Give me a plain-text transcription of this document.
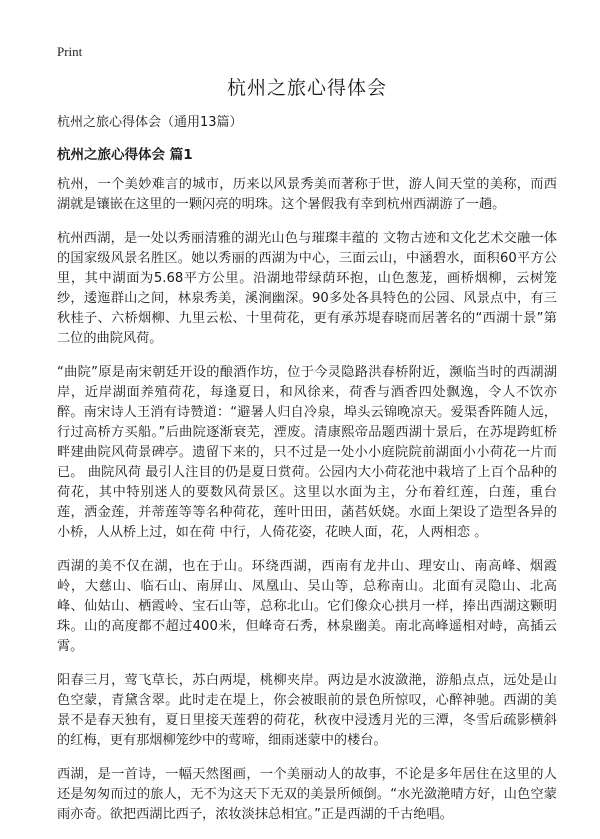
Print
杭州之旅心得体会
杭州之旅心得体会（通用13篇）
杭州之旅心得体会 篇1

杭州，一个美妙难言的城市，历来以风景秀美而著称于世，游人间天堂的美称，而西湖就是镶嵌在这里的一颗闪亮的明珠。这个暑假我有幸到杭州西湖游了一趟。

杭州西湖，是一处以秀丽清雅的湖光山色与璀璨丰蕴的 文物古迹和文化艺术交融一体的国家级风景名胜区。她以秀丽的西湖为中心，三面云山，中涵碧水，面积60平方公里，其中湖面为5.68平方公里。沿湖地带绿荫环抱，山色葱茏，画桥烟柳，云树笼纱，逶迤群山之间，林泉秀美，溪涧幽深。90多处各具特色的公园、风景点中，有三秋桂子、六桥烟柳、九里云松、十里荷花，更有承苏堤春晓而居著名的“西湖十景”第二位的曲院风荷。

“曲院”原是南宋朝廷开设的酿酒作坊，位于今灵隐路洪春桥附近，濒临当时的西湖湖岸，近岸湖面养殖荷花，每逢夏日，和风徐来，荷香与酒香四处飘逸，令人不饮亦醉。南宋诗人王消有诗赞道：“避暑人归自冷泉，埠头云锦晚凉天。爱渠香阵随人远，行过高桥方买船。”后曲院逐渐衰芜，湮废。清康熙帝品题西湖十景后，在苏堤跨虹桥畔建曲院风荷景碑亭。遗留下来的，只不过是一处小小庭院院前湖面小小荷花一片而已。 曲院风荷 最引人注目的仍是夏日赏荷。公园内大小荷花池中栽培了上百个品种的荷花，其中特别迷人的要数风荷景区。这里以水面为主，分布着红莲，白莲，重台莲，洒金莲，并蒂莲等等名种荷花，莲叶田田，菡萏妖娆。水面上架设了造型各异的小桥，人从桥上过，如在荷 中行，人倚花姿，花映人面，花，人两相恋 。

西湖的美不仅在湖，也在于山。环绕西湖，西南有龙井山、理安山、南高峰、烟霞岭，大慈山、临石山、南屏山、凤凰山、吴山等，总称南山。北面有灵隐山、北高峰、仙姑山、栖霞岭、宝石山等，总称北山。它们像众心拱月一样，捧出西湖这颗明珠。山的高度都不超过400米，但峰奇石秀，林泉幽美。南北高峰遥相对峙，高插云霄。

阳春三月，莺飞草长，苏白两堤，桃柳夹岸。两边是水波潋滟，游船点点，远处是山色空蒙，青黛含翠。此时走在堤上，你会被眼前的景色所惊叹，心醉神驰。西湖的美景不是春天独有，夏日里接天莲碧的荷花，秋夜中浸透月光的三潭，冬雪后疏影横斜的红梅，更有那烟柳笼纱中的莺啼，细雨迷蒙中的楼台。

西湖，是一首诗，一幅天然图画，一个美丽动人的故事，不论是多年居住在这里的人还是匆匆而过的旅人，无不为这天下无双的美景所倾倒。“水光潋滟晴方好，山色空蒙雨亦奇。欲把西湖比西子，浓妆淡抹总相宜。”正是西湖的千古绝唱。
